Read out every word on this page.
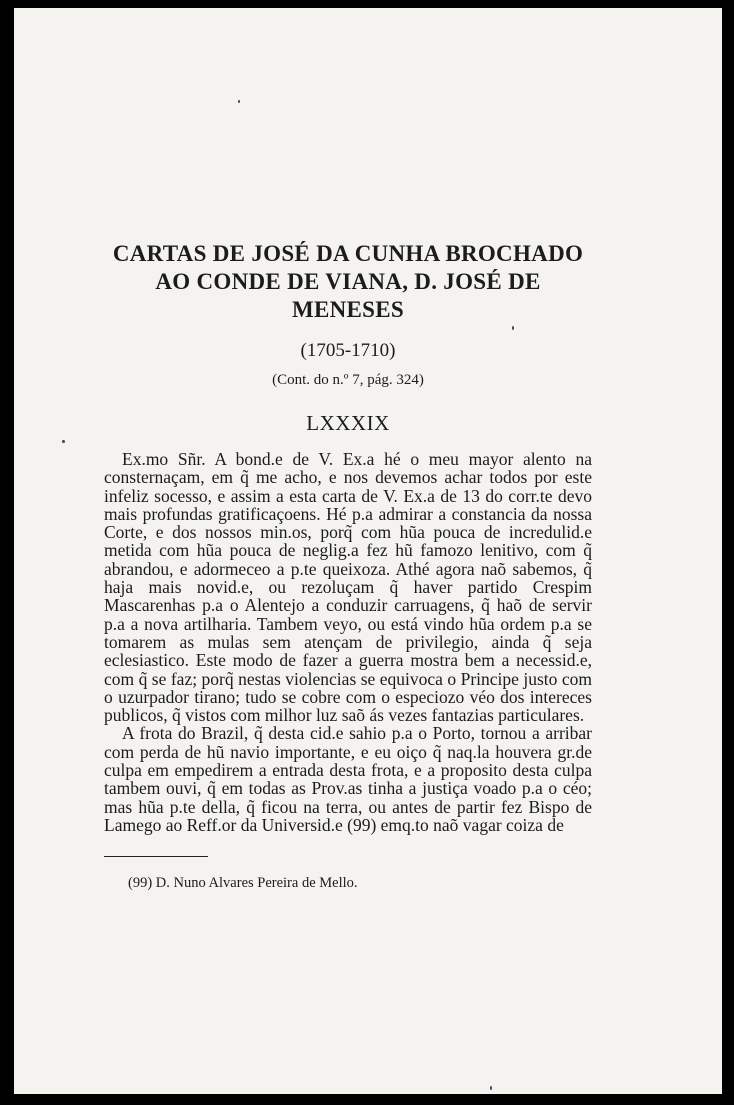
CARTAS DE JOSÉ DA CUNHA BROCHADO
AO CONDE DE VIANA, D. JOSÉ DE MENESES
(1705-1710)
(Cont. do n.º 7, pág. 324)
LXXXIX

Ex.mo Sñr. A bond.e de V. Ex.a hé o meu mayor alento na consternaçam, em q̃ me acho, e nos devemos achar todos por este infeliz socesso, e assim a esta carta de V. Ex.a de 13 do corr.te devo mais profundas gratificaçoens. Hé p.a admirar a constancia da nossa Corte, e dos nossos min.os, porq̃ com hũa pouca de incredulid.e metida com hũa pouca de neglig.a fez hũ famozo lenitivo, com q̃ abrandou, e adormeceo a p.te queixoza. Athé agora naõ sabemos, q̃ haja mais novid.e, ou rezoluçam q̃ haver partido Crespim Mascarenhas p.a o Alentejo a conduzir carruagens, q̃ haõ de servir p.a a nova artilharia. Tambem veyo, ou está vindo hũa ordem p.a se tomarem as mulas sem atençam de privilegio, ainda q̃ seja eclesiastico. Este modo de fazer a guerra mostra bem a necessid.e, com q̃ se faz; porq̃ nestas violencias se equivoca o Principe justo com o uzurpador tirano; tudo se cobre com o especiozo véo dos intereces publicos, q̃ vistos com milhor luz saõ ás vezes fantazias particulares.

A frota do Brazil, q̃ desta cid.e sahio p.a o Porto, tornou a arribar com perda de hũ navio importante, e eu oiço q̃ naq.la houvera gr.de culpa em empedirem a entrada desta frota, e a proposito desta culpa tambem ouvi, q̃ em todas as Prov.as tinha a justiça voado p.a o céo; mas hũa p.te della, q̃ ficou na terra, ou antes de partir fez Bispo de Lamego ao Reff.or da Universid.e (99) emq.to naõ vagar coiza de

(99) D. Nuno Alvares Pereira de Mello.
